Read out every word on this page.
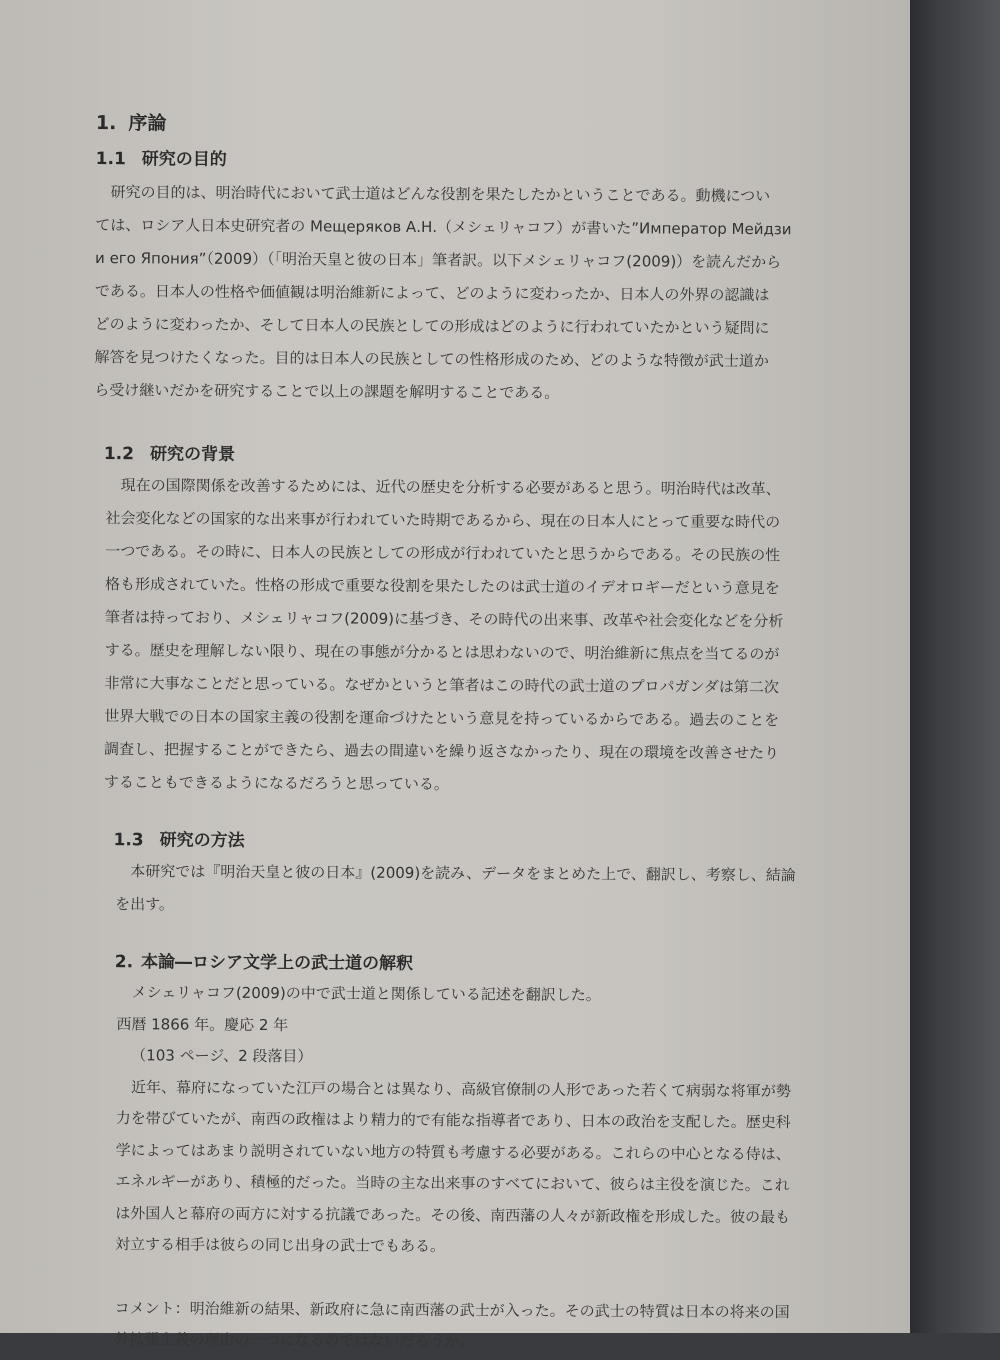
1. 序論
1.1 研究の目的

研究の目的は、明治時代において武士道はどんな役割を果たしたかということである。動機につい

ては、ロシア人日本史研究者の Мещеряков А.Н.（メシェリャコフ）が書いた”Император Мейдзи

и его Япония”（2009）（「明治天皇と彼の日本」筆者訳。以下メシェリャコフ(2009)）を読んだから

である。日本人の性格や価値観は明治維新によって、どのように変わったか、日本人の外界の認識は

どのように変わったか、そして日本人の民族としての形成はどのように行われていたかという疑問に

解答を見つけたくなった。目的は日本人の民族としての性格形成のため、どのような特徴が武士道か

ら受け継いだかを研究することで以上の課題を解明することである。

1.2 研究の背景

現在の国際関係を改善するためには、近代の歴史を分析する必要があると思う。明治時代は改革、

社会変化などの国家的な出来事が行われていた時期であるから、現在の日本人にとって重要な時代の

一つである。その時に、日本人の民族としての形成が行われていたと思うからである。その民族の性

格も形成されていた。性格の形成で重要な役割を果たしたのは武士道のイデオロギーだという意見を

筆者は持っており、メシェリャコフ(2009)に基づき、その時代の出来事、改革や社会変化などを分析

する。歴史を理解しない限り、現在の事態が分かるとは思わないので、明治維新に焦点を当てるのが

非常に大事なことだと思っている。なぜかというと筆者はこの時代の武士道のプロパガンダは第二次

世界大戦での日本の国家主義の役割を運命づけたという意見を持っているからである。過去のことを

調査し、把握することができたら、過去の間違いを繰り返さなかったり、現在の環境を改善させたり

することもできるようになるだろうと思っている。

1.3 研究の方法

本研究では『明治天皇と彼の日本』(2009)を読み、データをまとめた上で、翻訳し、考察し、結論

を出す。

2. 本論―ロシア文学上の武士道の解釈

メシェリャコフ(2009)の中で武士道と関係している記述を翻訳した。

西暦 1866 年。慶応 2 年

（103 ページ、2 段落目）

近年、幕府になっていた江戸の場合とは異なり、高級官僚制の人形であった若くて病弱な将軍が勢

力を帯びていたが、南西の政権はより精力的で有能な指導者であり、日本の政治を支配した。歴史科

学によってはあまり説明されていない地方の特質も考慮する必要がある。これらの中心となる侍は、

エネルギーがあり、積極的だった。当時の主な出来事のすべてにおいて、彼らは主役を演じた。これ

は外国人と幕府の両方に対する抗議であった。その後、南西藩の人々が新政権を形成した。彼の最も

対立する相手は彼らの同じ出身の武士でもある。

コメント：明治維新の結果、新政府に急に南西藩の武士が入った。その武士の特質は日本の将来の国

外拡張主義の理由の一つになるのではないだろうか。
